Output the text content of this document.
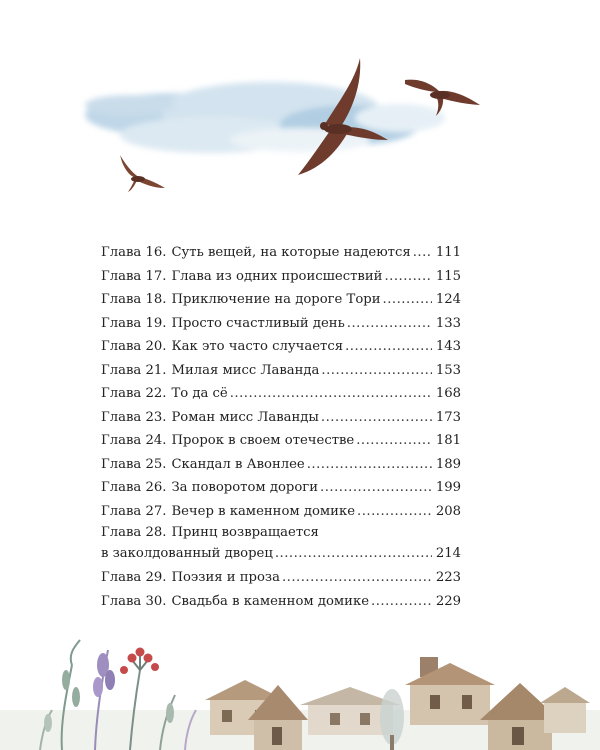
Глава 16. Суть вещей, на которые надеются ..... 111
Глава 17. Глава из одних происшествий .....	115
Глава 18. Приключение на дороге Тори .....	124
Глава 19. Просто счастливый день .....	133
Глава 20. Как это часто случается .....	143
Глава 21. Милая мисс Лаванда .....	153
Глава 22. То да сё .....	168
Глава 23. Роман мисс Лаванды .....	173
Глава 24. Пророк в своем отечестве .....	181
Глава 25. Скандал в Авонлее .....	189
Глава 26. За поворотом дороги .....	199
Глава 27. Вечер в каменном домике .....	208
Глава 28. Принц возвращается
в заколдованный дворец .....	214
Глава 29. Поэзия и проза .....	223
Глава 30. Свадьба в каменном домике .....	229
